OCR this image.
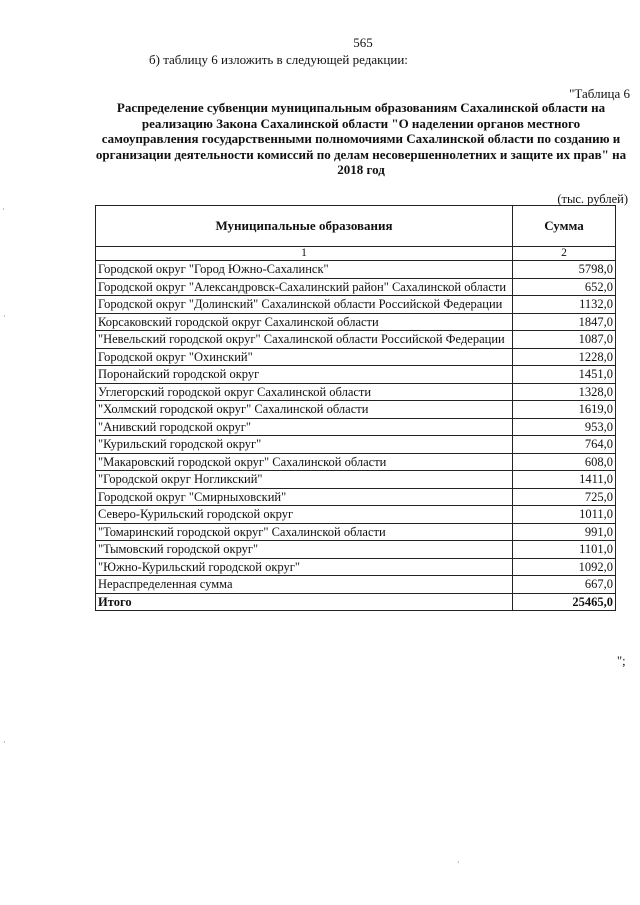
565
б) таблицу 6 изложить в следующей редакции:
"Таблица 6
Распределение субвенции муниципальным образованиям Сахалинской области на реализацию Закона Сахалинской области "О наделении органов местного самоуправления государственными полномочиями Сахалинской области по созданию и организации деятельности комиссий по делам несовершеннолетних и защите их прав" на 2018 год
(тыс. рублей)
Муниципальные образования	Сумма
1	2
Городской округ "Город Южно-Сахалинск"	5798,0
Городской округ "Александровск-Сахалинский район" Сахалинской области	652,0
Городской округ "Долинский" Сахалинской области Российской Федерации	1132,0
Корсаковский городской округ Сахалинской области	1847,0
"Невельский городской округ" Сахалинской области Российской Федерации	1087,0
Городской округ "Охинский"	1228,0
Поронайский городской округ	1451,0
Углегорский городской округ Сахалинской области	1328,0
"Холмский городской округ" Сахалинской области	1619,0
"Анивский городской округ"	953,0
"Курильский городской округ"	764,0
"Макаровский городской округ" Сахалинской области	608,0
"Городской округ Ногликский"	1411,0
Городской округ "Смирныховский"	725,0
Северо-Курильский городской округ	1011,0
"Томаринский городской округ" Сахалинской области	991,0
"Тымовский городской округ"	1101,0
"Южно-Курильский городской округ"	1092,0
Нераспределенная сумма	667,0
Итого	25465,0
";
·
·
·
·
